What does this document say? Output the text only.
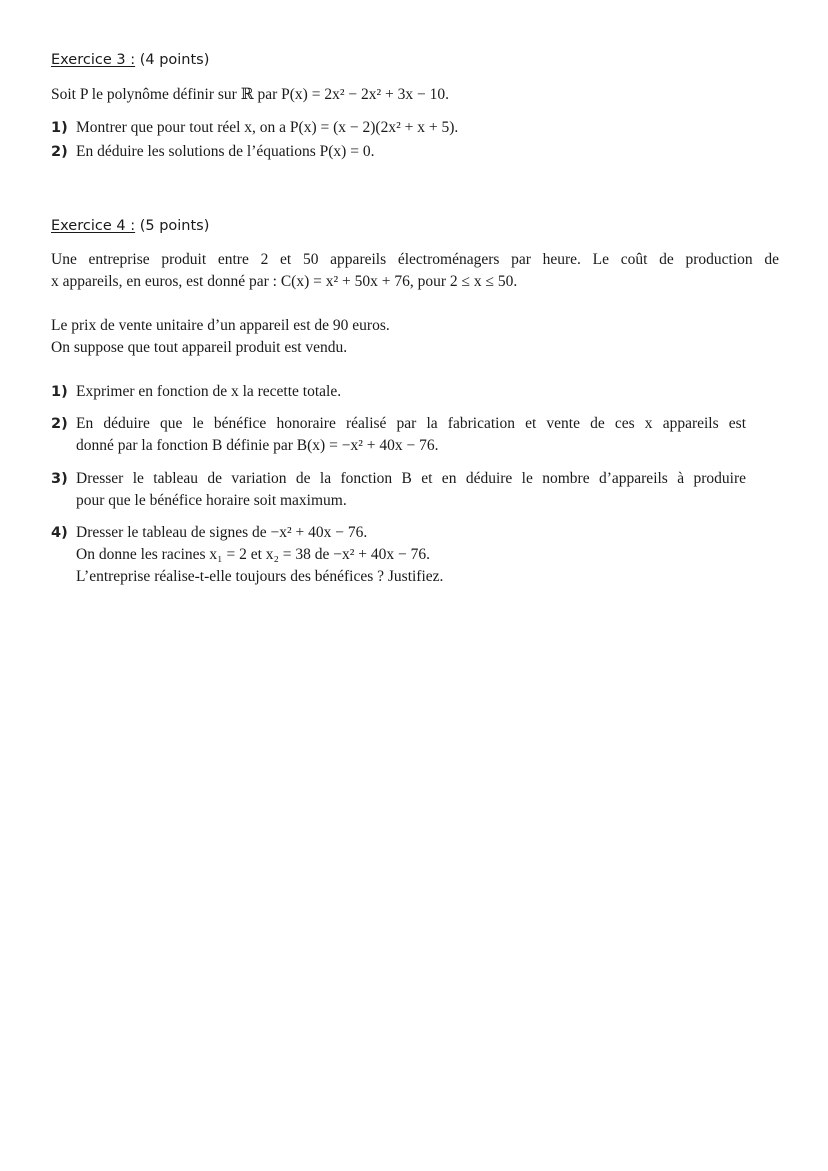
Exercice 3 : (4 points)
Soit P le polynôme définir sur ℝ par P(x) = 2x² − 2x² + 3x − 10.
1) Montrer que pour tout réel x, on a P(x) = (x − 2)(2x² + x + 5).
2) En déduire les solutions de l’équations P(x) = 0.
Exercice 4 : (5 points)
Une entreprise produit entre 2 et 50 appareils électroménagers par heure. Le coût de production de
x appareils, en euros, est donné par : C(x) = x² + 50x + 76, pour 2 ≤ x ≤ 50.
Le prix de vente unitaire d’un appareil est de 90 euros.
On suppose que tout appareil produit est vendu.
1) Exprimer en fonction de x la recette totale.
2) En déduire que le bénéfice honoraire réalisé par la fabrication et vente de ces x appareils est
donné par la fonction B définie par B(x) = −x² + 40x − 76.
3) Dresser le tableau de variation de la fonction B et en déduire le nombre d’appareils à produire
pour que le bénéfice horaire soit maximum.
4) Dresser le tableau de signes de −x² + 40x − 76.
On donne les racines x₁ = 2 et x₂ = 38 de −x² + 40x − 76.
L’entreprise réalise-t-elle toujours des bénéfices ? Justifiez.
